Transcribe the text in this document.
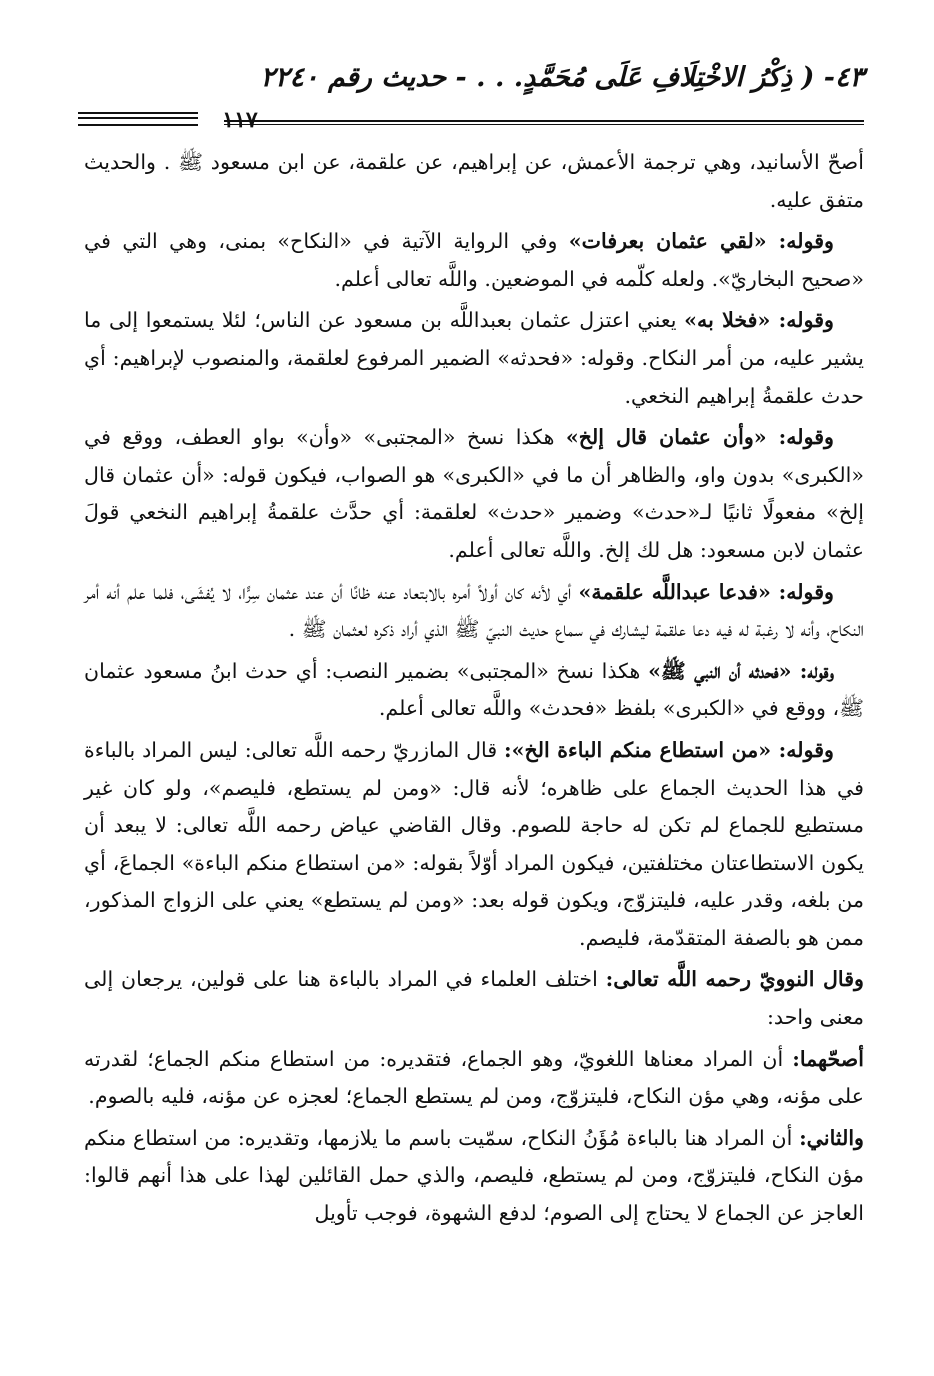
٤٣- ( ذِكْرُ الاخْتِلَافِ عَلَى مُحَمَّدٍ. . . - حديث رقم ٢٢٤٠
١١٧

أصحّ الأسانيد، وهي ترجمة الأعمش، عن إبراهيم، عن علقمة، عن ابن مسعود ﷺ . والحديث متفق عليه.

وقوله: «لقي عثمان بعرفات» وفي الرواية الآتية في «النكاح» بمنى، وهي التي في «صحيح البخاريّ». ولعله كلّمه في الموضعين. واللَّه تعالى أعلم.

وقوله: «فخلا به» يعني اعتزل عثمان بعبداللَّه بن مسعود عن الناس؛ لئلا يستمعوا إلى ما يشير عليه، من أمر النكاح. وقوله: «فحدثه» الضمير المرفوع لعلقمة، والمنصوب لإبراهيم: أي حدث علقمةُ إبراهيم النخعي.

وقوله: «وأن عثمان قال إلخ» هكذا نسخ «المجتبى» «وأن» بواو العطف، ووقع في «الكبرى» بدون واو، والظاهر أن ما في «الكبرى» هو الصواب، فيكون قوله: «أن عثمان قال إلخ» مفعولًا ثانيًا لـ«حدث» وضمير «حدث» لعلقمة: أي حدَّث علقمةُ إبراهيم النخعي قولَ عثمان لابن مسعود: هل لك إلخ. واللَّه تعالى أعلم.

وقوله: «فدعا عبداللَّه علقمة» أي لأنه كان أولاً أمره بالابتعاد عنه ظانًا أن عند عثمان سِرًّا، لا يُفشَى، فلما علم أنه أمر النكاح، وأنه لا رغبة له فيه دعا علقمة ليشارك في سماع حديث النبيّ ﷺ الذي أراد ذكره لعثمان ﷺ .

وقوله: «فحدثه أن النبي ﷺ» هكذا نسخ «المجتبى» بضمير النصب: أي حدث ابنُ مسعود عثمان ﷺ، ووقع في «الكبرى» بلفظ «فحدث» واللَّه تعالى أعلم.

وقوله: «من استطاع منكم الباءة الخ»: قال المازريّ رحمه اللَّه تعالى: ليس المراد بالباءة في هذا الحديث الجماع على ظاهره؛ لأنه قال: «ومن لم يستطع، فليصم»، ولو كان غير مستطيع للجماع لم تكن له حاجة للصوم. وقال القاضي عياض رحمه اللَّه تعالى: لا يبعد أن يكون الاستطاعتان مختلفتين، فيكون المراد أوّلاً بقوله: «من استطاع منكم الباءة» الجماعَ، أي من بلغه، وقدر عليه، فليتزوّج، ويكون قوله بعد: «ومن لم يستطع» يعني على الزواج المذكور، ممن هو بالصفة المتقدّمة، فليصم.

وقال النوويّ رحمه اللَّه تعالى: اختلف العلماء في المراد بالباءة هنا على قولين، يرجعان إلى معنى واحد:

أصحّهما: أن المراد معناها اللغويّ، وهو الجماع، فتقديره: من استطاع منكم الجماع؛ لقدرته على مؤنه، وهي مؤن النكاح، فليتزوّج، ومن لم يستطع الجماع؛ لعجزه عن مؤنه، فليه بالصوم.

والثاني: أن المراد هنا بالباءة مُؤَنُ النكاح، سمّيت باسم ما يلازمها، وتقديره: من استطاع منكم مؤن النكاح، فليتزوّج، ومن لم يستطع، فليصم، والذي حمل القائلين لهذا على هذا أنهم قالوا: العاجز عن الجماع لا يحتاج إلى الصوم؛ لدفع الشهوة، فوجب تأويل
